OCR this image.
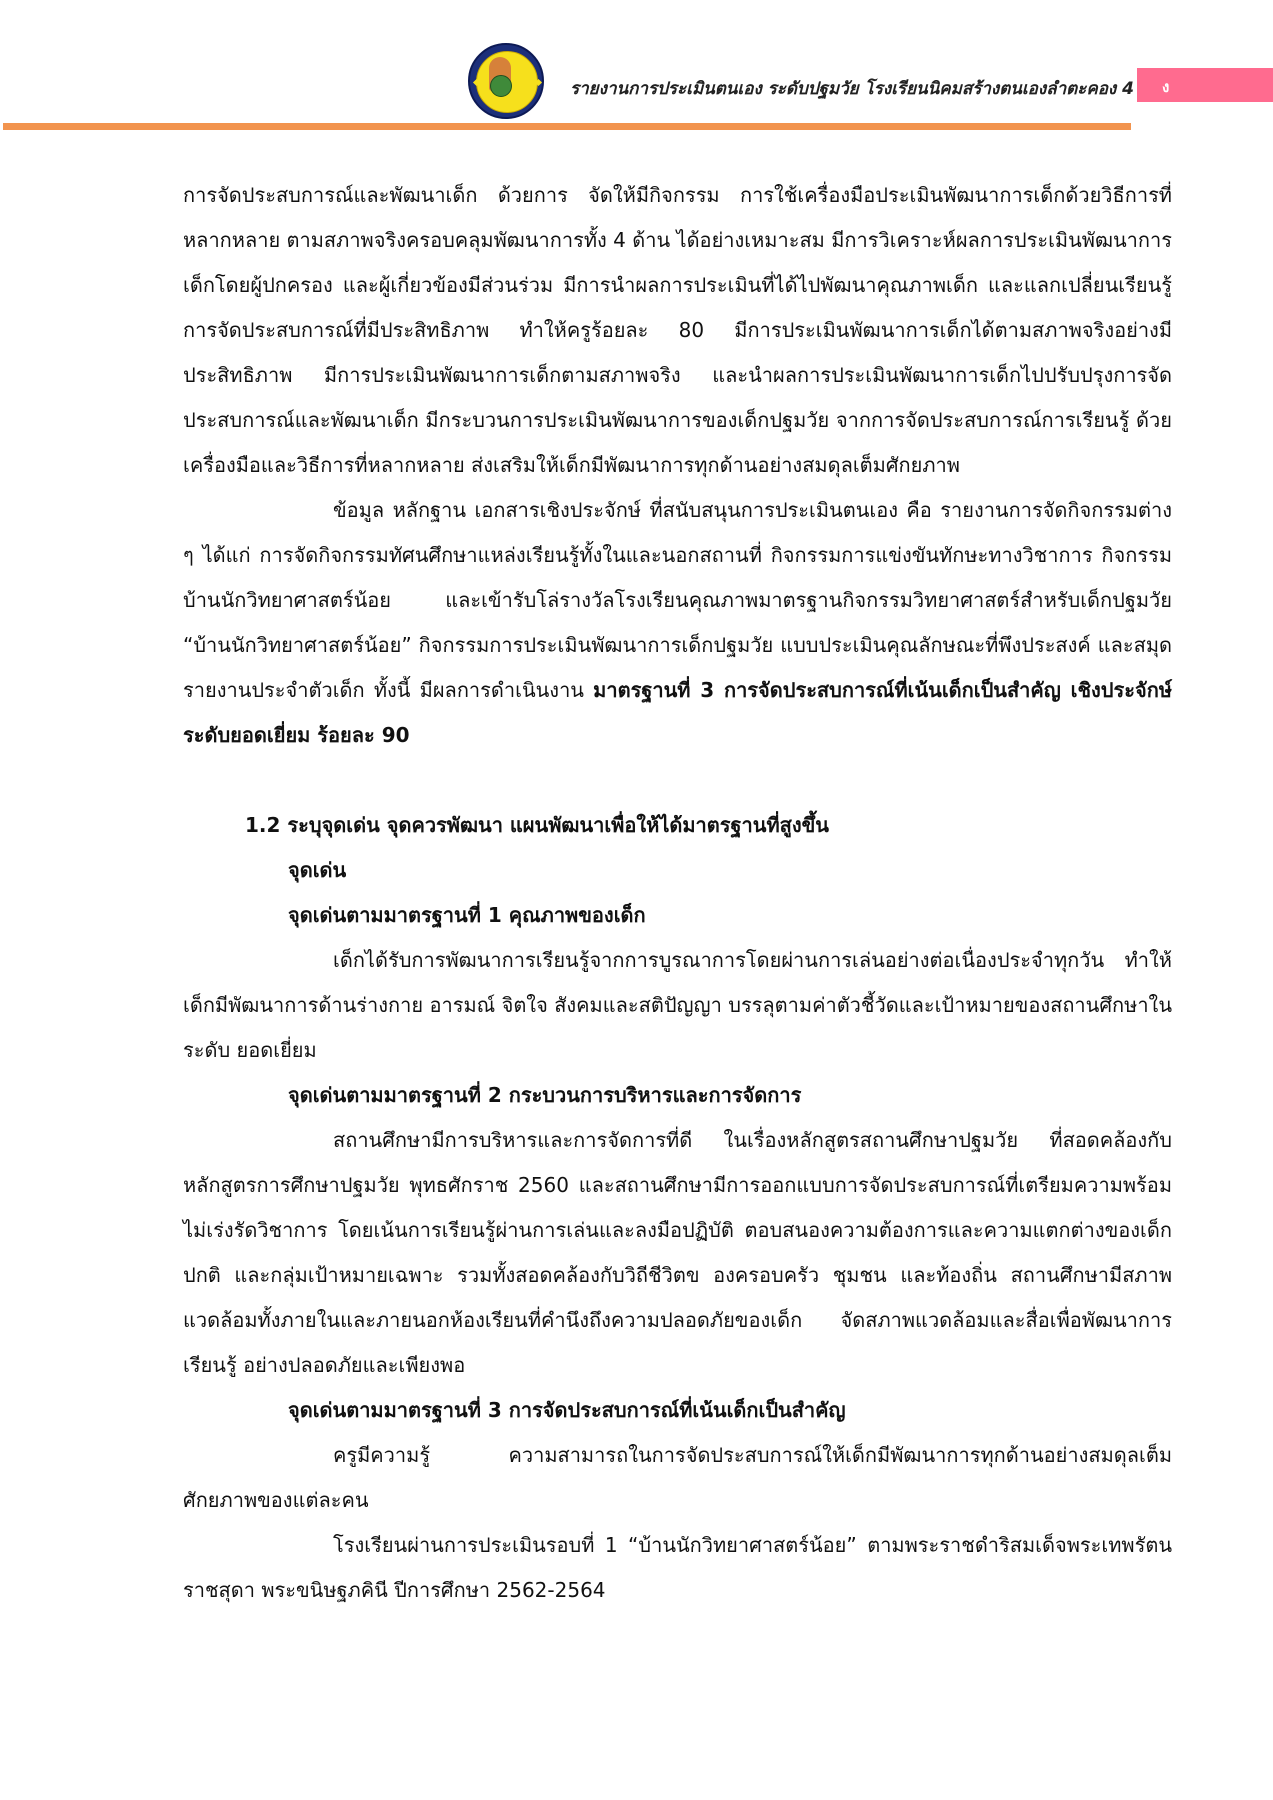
รายงานการประเมินตนเอง ระดับปฐมวัย โรงเรียนนิคมสร้างตนเองลำตะคอง 4	ง

การจัดประสบการณ์และพัฒนาเด็ก ด้วยการ จัดให้มีกิจกรรม การใช้เครื่องมือประเมินพัฒนาการเด็กด้วยวิธีการที่หลากหลาย ตามสภาพจริงครอบคลุมพัฒนาการทั้ง 4 ด้าน ได้อย่างเหมาะสม มีการวิเคราะห์ผลการประเมินพัฒนาการเด็กโดยผู้ปกครอง และผู้เกี่ยวข้องมีส่วนร่วม มีการนำผลการประเมินที่ได้ไปพัฒนาคุณภาพเด็ก และแลกเปลี่ยนเรียนรู้การจัดประสบการณ์ที่มีประสิทธิภาพ ทำให้ครูร้อยละ 80 มีการประเมินพัฒนาการเด็กได้ตามสภาพจริงอย่างมีประสิทธิภาพ มีการประเมินพัฒนาการเด็กตามสภาพจริง และนำผลการประเมินพัฒนาการเด็กไปปรับปรุงการจัดประสบการณ์และพัฒนาเด็ก มีกระบวนการประเมินพัฒนาการของเด็กปฐมวัย จากการจัดประสบการณ์การเรียนรู้ ด้วยเครื่องมือและวิธีการที่หลากหลาย ส่งเสริมให้เด็กมีพัฒนาการทุกด้านอย่างสมดุลเต็มศักยภาพ

ข้อมูล หลักฐาน เอกสารเชิงประจักษ์ ที่สนับสนุนการประเมินตนเอง คือ รายงานการจัดกิจกรรมต่าง ๆ ได้แก่ การจัดกิจกรรมทัศนศึกษาแหล่งเรียนรู้ทั้งในและนอกสถานที่ กิจกรรมการแข่งขันทักษะทางวิชาการ กิจกรรมบ้านนักวิทยาศาสตร์น้อย และเข้ารับโล่รางวัลโรงเรียนคุณภาพมาตรฐานกิจกรรมวิทยาศาสตร์สำหรับเด็กปฐมวัย “บ้านนักวิทยาศาสตร์น้อย” กิจกรรมการประเมินพัฒนาการเด็กปฐมวัย แบบประเมินคุณลักษณะที่พึงประสงค์ และสมุดรายงานประจำตัวเด็ก ทั้งนี้ มีผลการดำเนินงาน มาตรฐานที่ 3 การจัดประสบการณ์ที่เน้นเด็กเป็นสำคัญ เชิงประจักษ์ ระดับยอดเยี่ยม ร้อยละ 90

1.2 ระบุจุดเด่น จุดควรพัฒนา แผนพัฒนาเพื่อให้ได้มาตรฐานที่สูงขึ้น

จุดเด่น

จุดเด่นตามมาตรฐานที่ 1 คุณภาพของเด็ก

เด็กได้รับการพัฒนาการเรียนรู้จากการบูรณาการโดยผ่านการเล่นอย่างต่อเนื่องประจำทุกวัน ทำให้เด็กมีพัฒนาการด้านร่างกาย อารมณ์ จิตใจ สังคมและสติปัญญา บรรลุตามค่าตัวชี้วัดและเป้าหมายของสถานศึกษาในระดับ ยอดเยี่ยม

จุดเด่นตามมาตรฐานที่ 2 กระบวนการบริหารและการจัดการ

สถานศึกษามีการบริหารและการจัดการที่ดี ในเรื่องหลักสูตรสถานศึกษาปฐมวัย ที่สอดคล้องกับหลักสูตรการศึกษาปฐมวัย พุทธศักราช 2560 และสถานศึกษามีการออกแบบการจัดประสบการณ์ที่เตรียมความพร้อม ไม่เร่งรัดวิชาการ โดยเน้นการเรียนรู้ผ่านการเล่นและลงมือปฏิบัติ ตอบสนองความต้องการและความแตกต่างของเด็กปกติ และกลุ่มเป้าหมายเฉพาะ รวมทั้งสอดคล้องกับวิถีชีวิตข องครอบครัว ชุมชน และท้องถิ่น สถานศึกษามีสภาพแวดล้อมทั้งภายในและภายนอกห้องเรียนที่คำนึงถึงความปลอดภัยของเด็ก จัดสภาพแวดล้อมและสื่อเพื่อพัฒนาการเรียนรู้ อย่างปลอดภัยและเพียงพอ

จุดเด่นตามมาตรฐานที่ 3 การจัดประสบการณ์ที่เน้นเด็กเป็นสำคัญ

ครูมีความรู้ ความสามารถในการจัดประสบการณ์ให้เด็กมีพัฒนาการทุกด้านอย่างสมดุลเต็มศักยภาพของแต่ละคน

โรงเรียนผ่านการประเมินรอบที่ 1 “บ้านนักวิทยาศาสตร์น้อย” ตามพระราชดำริสมเด็จพระเทพรัตนราชสุดา พระขนิษฐภคินี ปีการศึกษา 2562-2564
